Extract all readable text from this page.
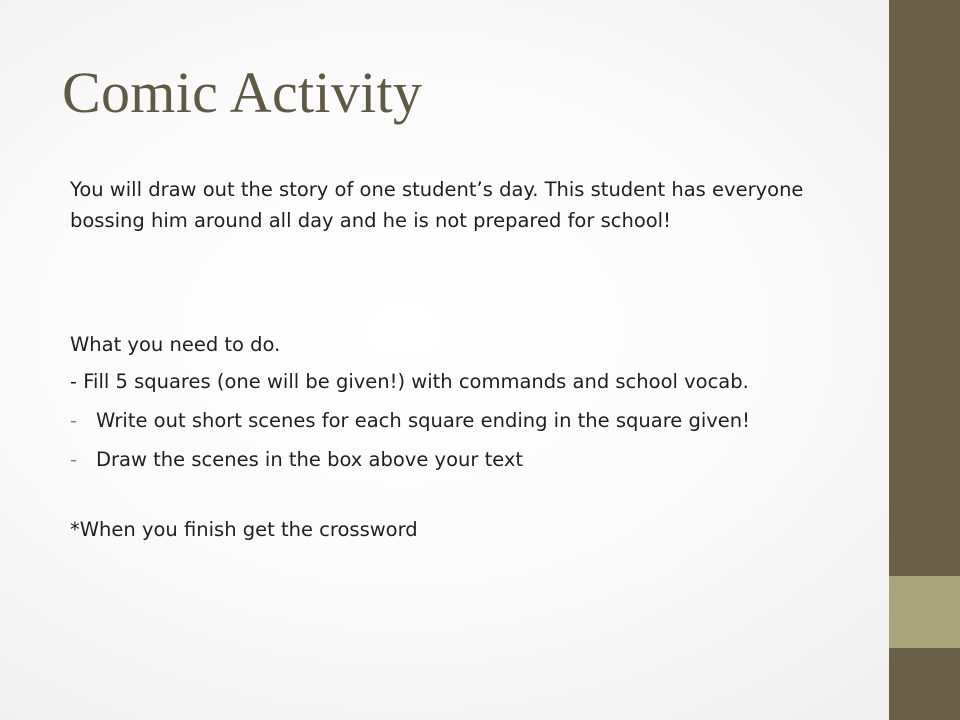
Comic Activity

You will draw out the story of one student’s day. This student has everyone bossing him around all day and he is not prepared for school!

What you need to do.

- Fill 5 squares (one will be given!) with commands and school vocab.

- Write out short scenes for each square ending in the square given!
- Draw the scenes in the box above your text

*When you finish get the crossword
